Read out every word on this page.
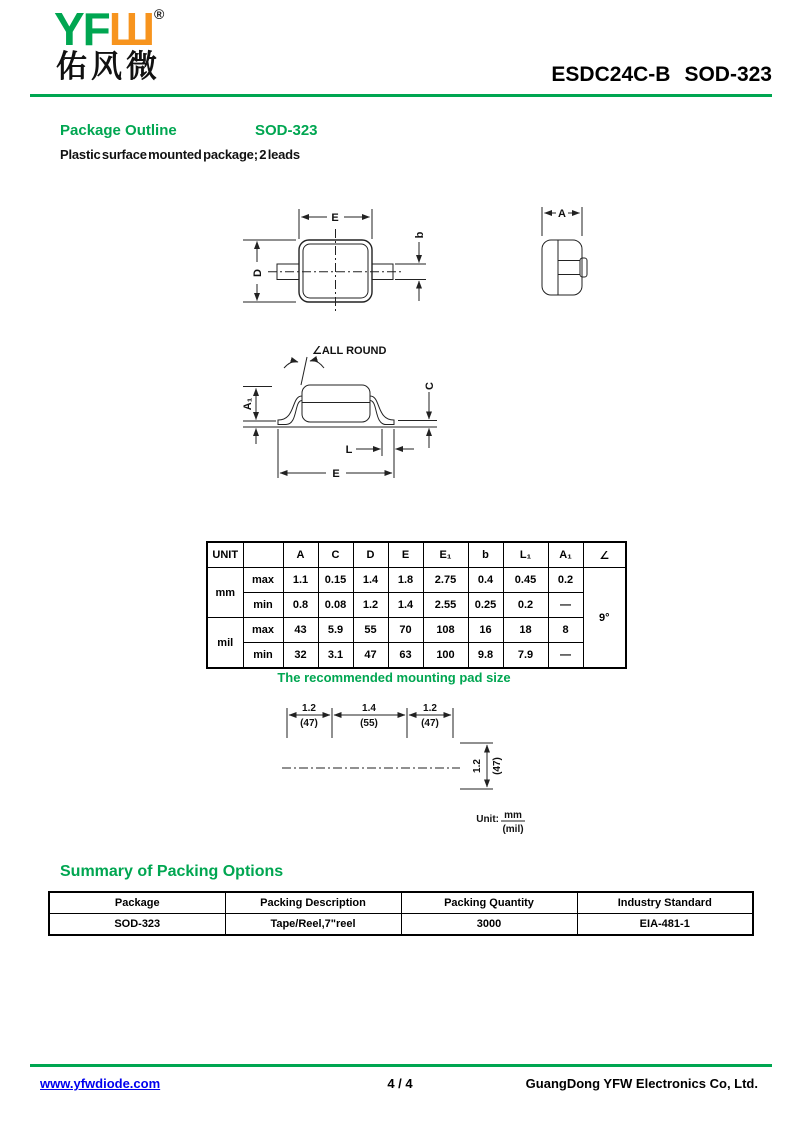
YFШ®
佑风微	ESDC24C-B SOD-323
Package Outline	SOD-323
Plastic surface mounted package; 2 leads
E
D
b
A
∠ALL ROUND
A₁
C
L
E
UNIT		A	C	D	E	E₁	b	L₁	A₁	∠
mm	max	1.1	0.15	1.4	1.8	2.75	0.4	0.45	0.2	9°
	min	0.8	0.08	1.2	1.4	2.55	0.25	0.2	—	
mil	max	43	5.9	55	70	108	16	18	8	
	min	32	3.1	47	63	100	9.8	7.9	—	
The recommended mounting pad size
1.2
(47)
1.4
(55)
1.2
(47)
1.2 (47)
Unit: mm
(mil)
Summary of Packing Options
Package	Packing Description	Packing Quantity	Industry Standard
SOD-323	Tape/Reel,7"reel	3000	EIA-481-1
www.yfwdiode.com	4 / 4	GuangDong YFW Electronics Co, Ltd.
